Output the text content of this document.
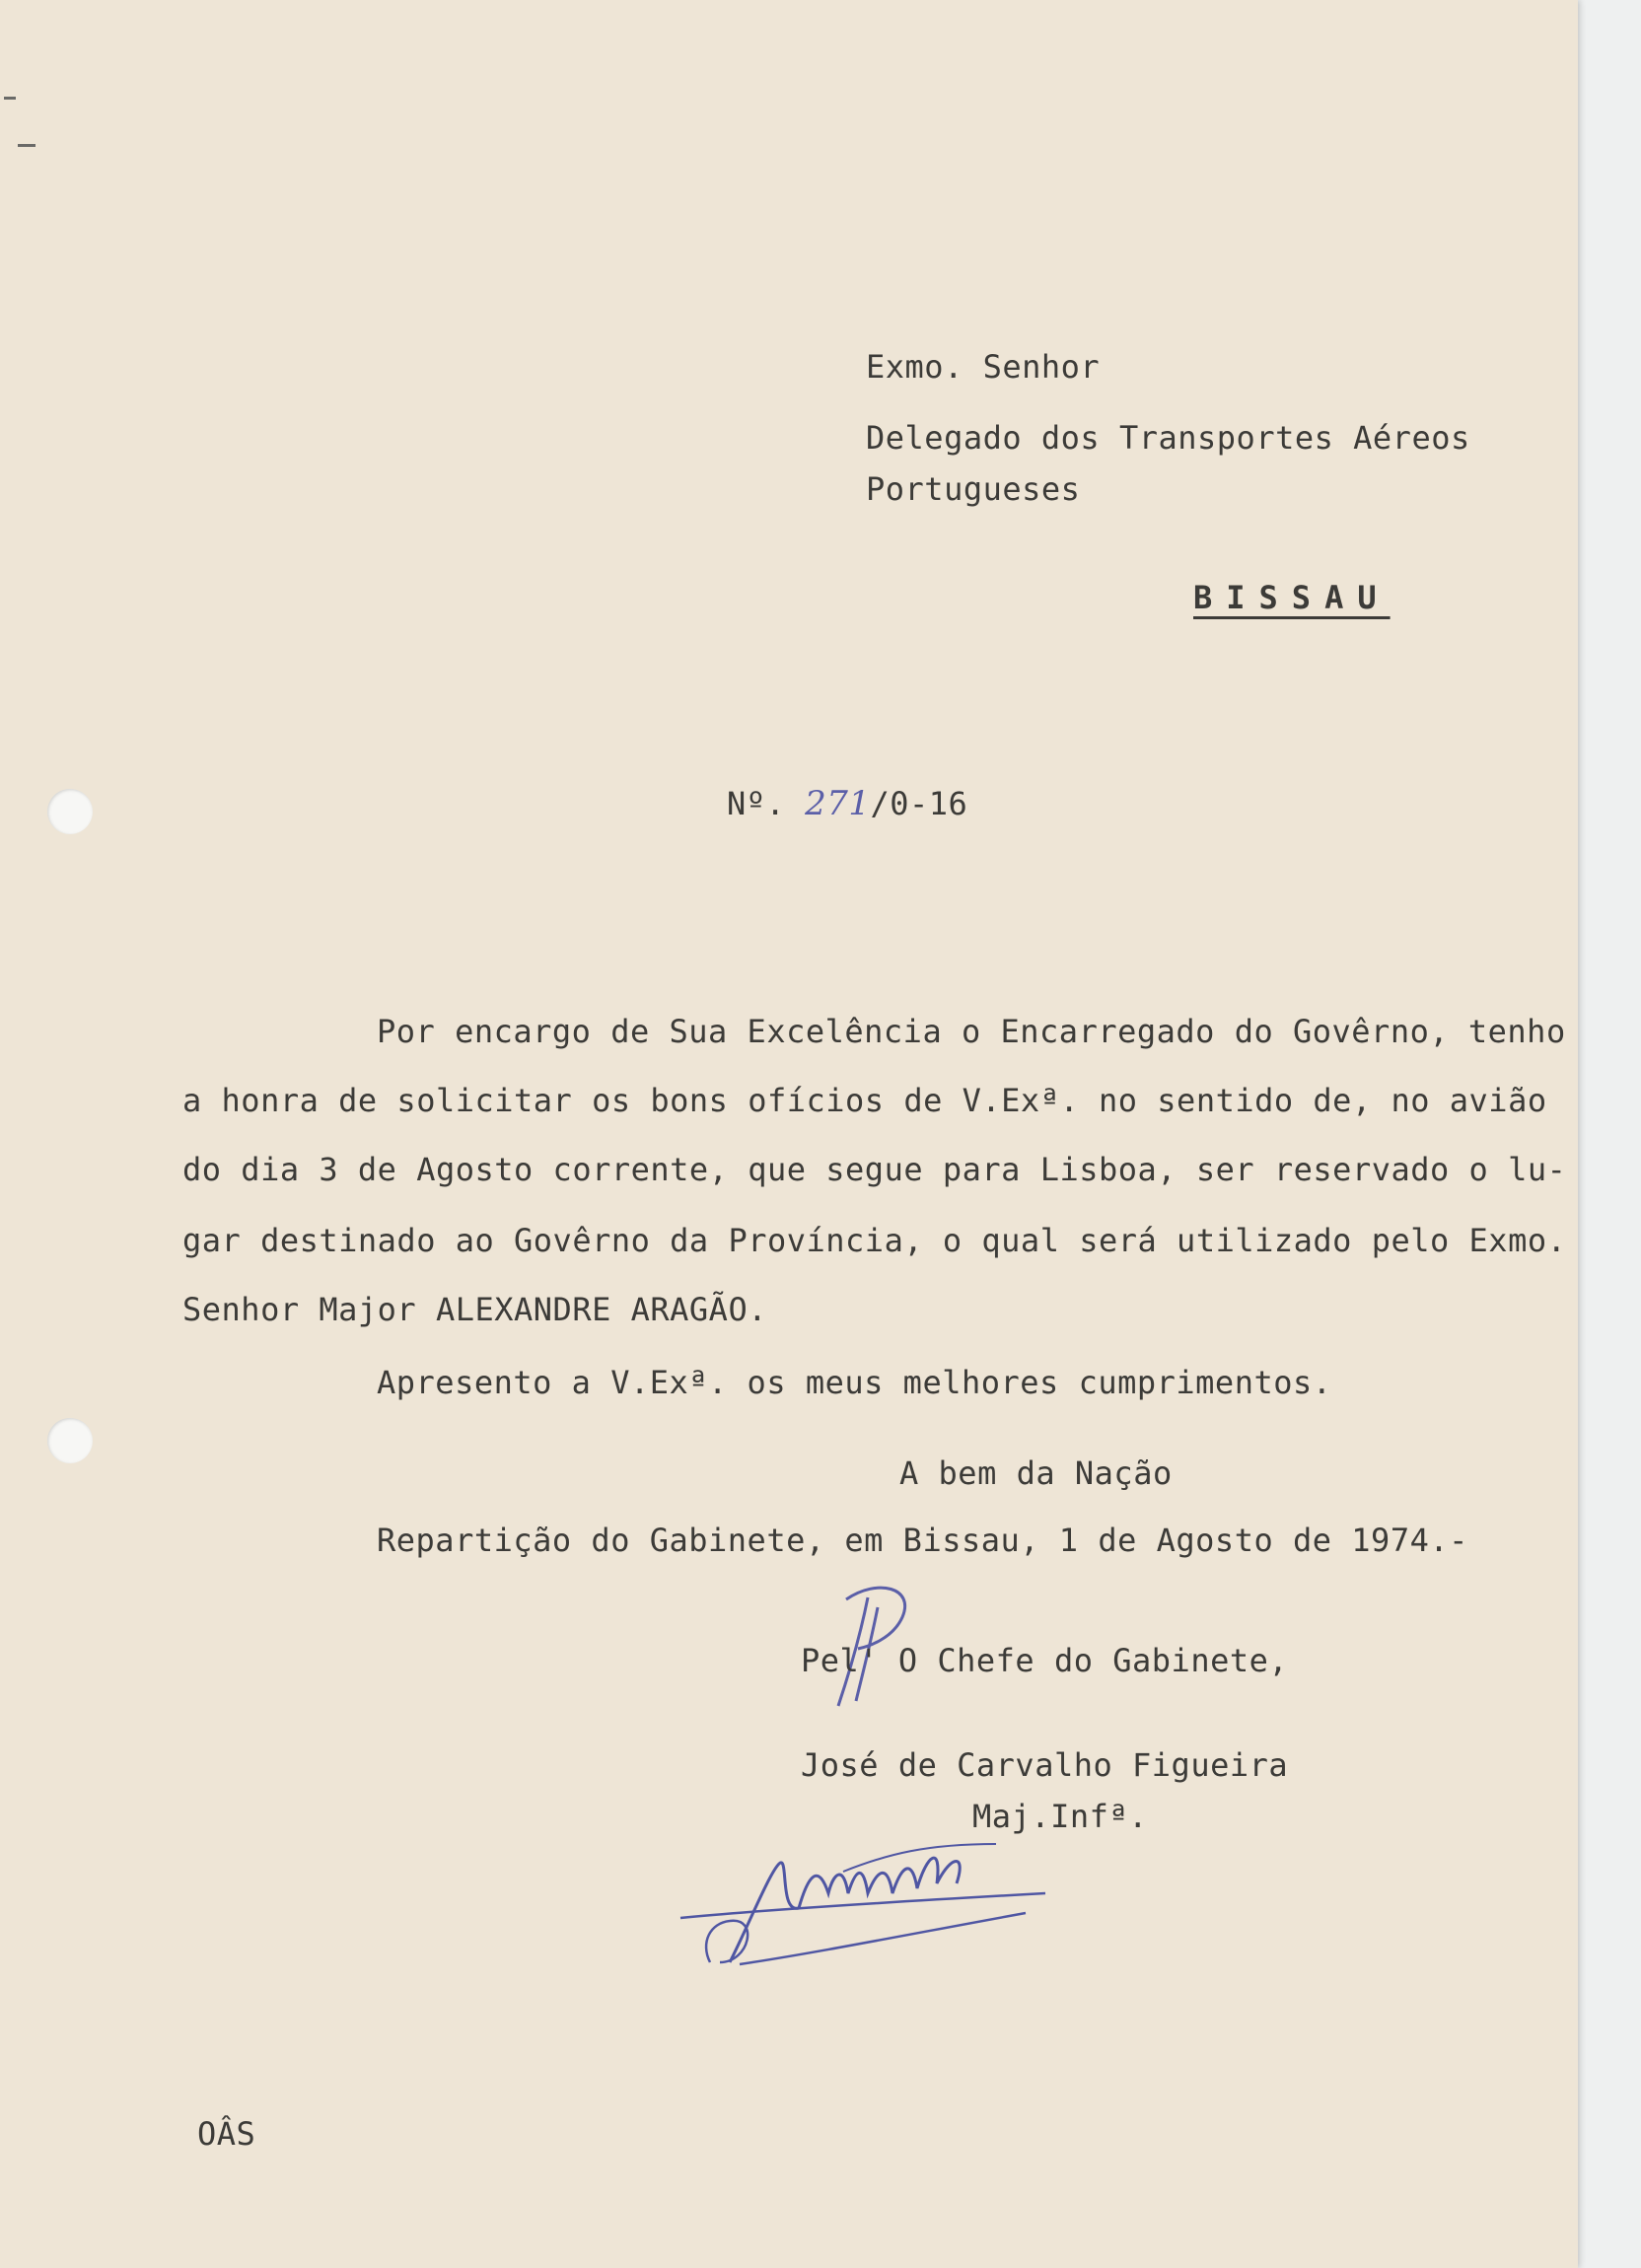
Exmo. Senhor
Delegado dos Transportes Aéreos
Portugueses
BISSAU
Nº. 271/0-16
Por encargo de Sua Excelência o Encarregado do Govêrno, tenho
a honra de solicitar os bons ofícios de V.Exª. no sentido de, no avião
do dia 3 de Agosto corrente, que segue para Lisboa, ser reservado o lu-
gar destinado ao Govêrno da Província, o qual será utilizado pelo Exmo.
Senhor Major ALEXANDRE ARAGÃO.
Apresento a V.Exª. os meus melhores cumprimentos.
A bem da Nação
Repartição do Gabinete, em Bissau, 1 de Agosto de 1974.-
Pel' O Chefe do Gabinete,
José de Carvalho Figueira
Maj.Infª.
OÂS
